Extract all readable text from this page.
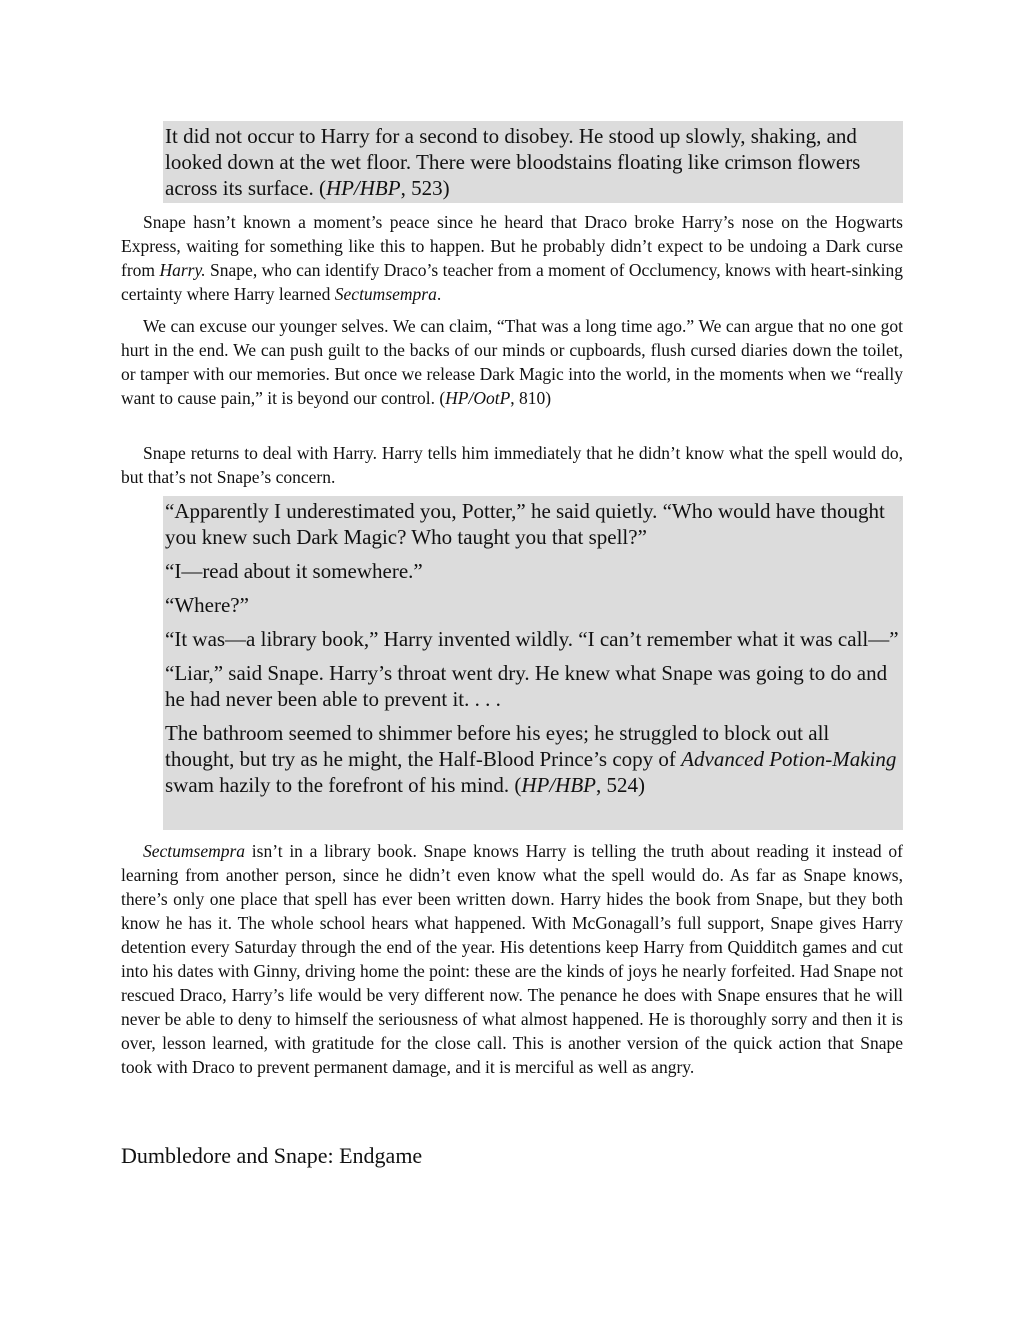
It did not occur to Harry for a second to disobey. He stood up slowly, shaking, and looked down at the wet floor. There were bloodstains floating like crimson flowers across its surface. (HP/HBP, 523)

Snape hasn’t known a moment’s peace since he heard that Draco broke Harry’s nose on the Hogwarts Express, waiting for something like this to happen. But he probably didn’t expect to be undoing a Dark curse from Harry. Snape, who can identify Draco’s teacher from a moment of Occlumency, knows with heart-sinking certainty where Harry learned Sectumsempra.

We can excuse our younger selves. We can claim, “That was a long time ago.” We can argue that no one got hurt in the end. We can push guilt to the backs of our minds or cupboards, flush cursed diaries down the toilet, or tamper with our memories. But once we release Dark Magic into the world, in the moments when we “really want to cause pain,” it is beyond our control. (HP/OotP, 810)

Snape returns to deal with Harry. Harry tells him immediately that he didn’t know what the spell would do, but that’s not Snape’s concern.

“Apparently I underestimated you, Potter,” he said quietly. “Who would have thought you knew such Dark Magic? Who taught you that spell?”

“I—read about it somewhere.”

“Where?”

“It was—a library book,” Harry invented wildly. “I can’t remember what it was call—”

“Liar,” said Snape. Harry’s throat went dry. He knew what Snape was going to do and he had never been able to prevent it. . . .

The bathroom seemed to shimmer before his eyes; he struggled to block out all thought, but try as he might, the Half-Blood Prince’s copy of Advanced Potion-Making swam hazily to the forefront of his mind. (HP/HBP, 524)

Sectumsempra isn’t in a library book. Snape knows Harry is telling the truth about reading it instead of learning from another person, since he didn’t even know what the spell would do. As far as Snape knows, there’s only one place that spell has ever been written down. Harry hides the book from Snape, but they both know he has it. The whole school hears what happened. With McGonagall’s full support, Snape gives Harry detention every Saturday through the end of the year. His detentions keep Harry from Quidditch games and cut into his dates with Ginny, driving home the point: these are the kinds of joys he nearly forfeited. Had Snape not rescued Draco, Harry’s life would be very different now. The penance he does with Snape ensures that he will never be able to deny to himself the seriousness of what almost happened. He is thoroughly sorry and then it is over, lesson learned, with gratitude for the close call. This is another version of the quick action that Snape took with Draco to prevent permanent damage, and it is merciful as well as angry.

Dumbledore and Snape: Endgame
